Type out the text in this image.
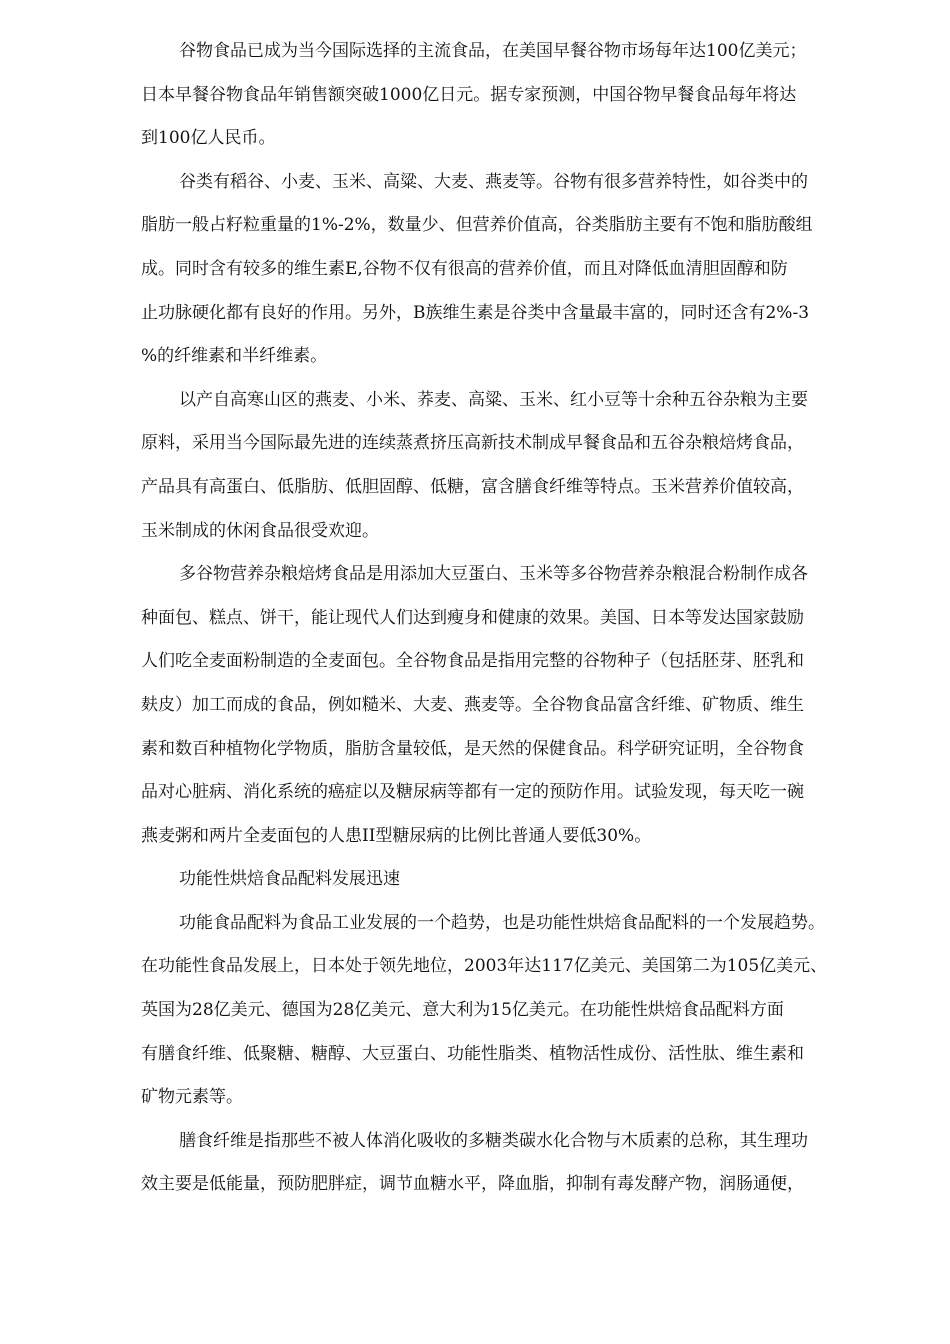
谷物食品已成为当今国际选择的主流食品，在美国早餐谷物市场每年达100亿美元；
日本早餐谷物食品年销售额突破1000亿日元。据专家预测，中国谷物早餐食品每年将达
到100亿人民币。

谷类有稻谷、小麦、玉米、高粱、大麦、燕麦等。谷物有很多营养特性，如谷类中的
脂肪一般占籽粒重量的1%-2%，数量少、但营养价值高，谷类脂肪主要有不饱和脂肪酸组
成。同时含有较多的维生素E,谷物不仅有很高的营养价值，而且对降低血清胆固醇和防
止功脉硬化都有良好的作用。另外，B族维生素是谷类中含量最丰富的，同时还含有2%-3
%的纤维素和半纤维素。

以产自高寒山区的燕麦、小米、荞麦、高粱、玉米、红小豆等十余种五谷杂粮为主要
原料，采用当今国际最先进的连续蒸煮挤压高新技术制成早餐食品和五谷杂粮焙烤食品，
产品具有高蛋白、低脂肪、低胆固醇、低糖，富含膳食纤维等特点。玉米营养价值较高，
玉米制成的休闲食品很受欢迎。

多谷物营养杂粮焙烤食品是用添加大豆蛋白、玉米等多谷物营养杂粮混合粉制作成各
种面包、糕点、饼干，能让现代人们达到瘦身和健康的效果。美国、日本等发达国家鼓励
人们吃全麦面粉制造的全麦面包。全谷物食品是指用完整的谷物种子（包括胚芽、胚乳和
麸皮）加工而成的食品，例如糙米、大麦、燕麦等。全谷物食品富含纤维、矿物质、维生
素和数百种植物化学物质，脂肪含量较低，是天然的保健食品。科学研究证明，全谷物食
品对心脏病、消化系统的癌症以及糖尿病等都有一定的预防作用。试验发现，每天吃一碗
燕麦粥和两片全麦面包的人患II型糖尿病的比例比普通人要低30%。

功能性烘焙食品配料发展迅速

功能食品配料为食品工业发展的一个趋势，也是功能性烘焙食品配料的一个发展趋势。
在功能性食品发展上，日本处于领先地位，2003年达117亿美元、美国第二为105亿美元、
英国为28亿美元、德国为28亿美元、意大利为15亿美元。在功能性烘焙食品配料方面
有膳食纤维、低聚糖、糖醇、大豆蛋白、功能性脂类、植物活性成份、活性肽、维生素和
矿物元素等。

膳食纤维是指那些不被人体消化吸收的多糖类碳水化合物与木质素的总称，其生理功
效主要是低能量，预防肥胖症，调节血糖水平，降血脂，抑制有毒发酵产物，润肠通便，
